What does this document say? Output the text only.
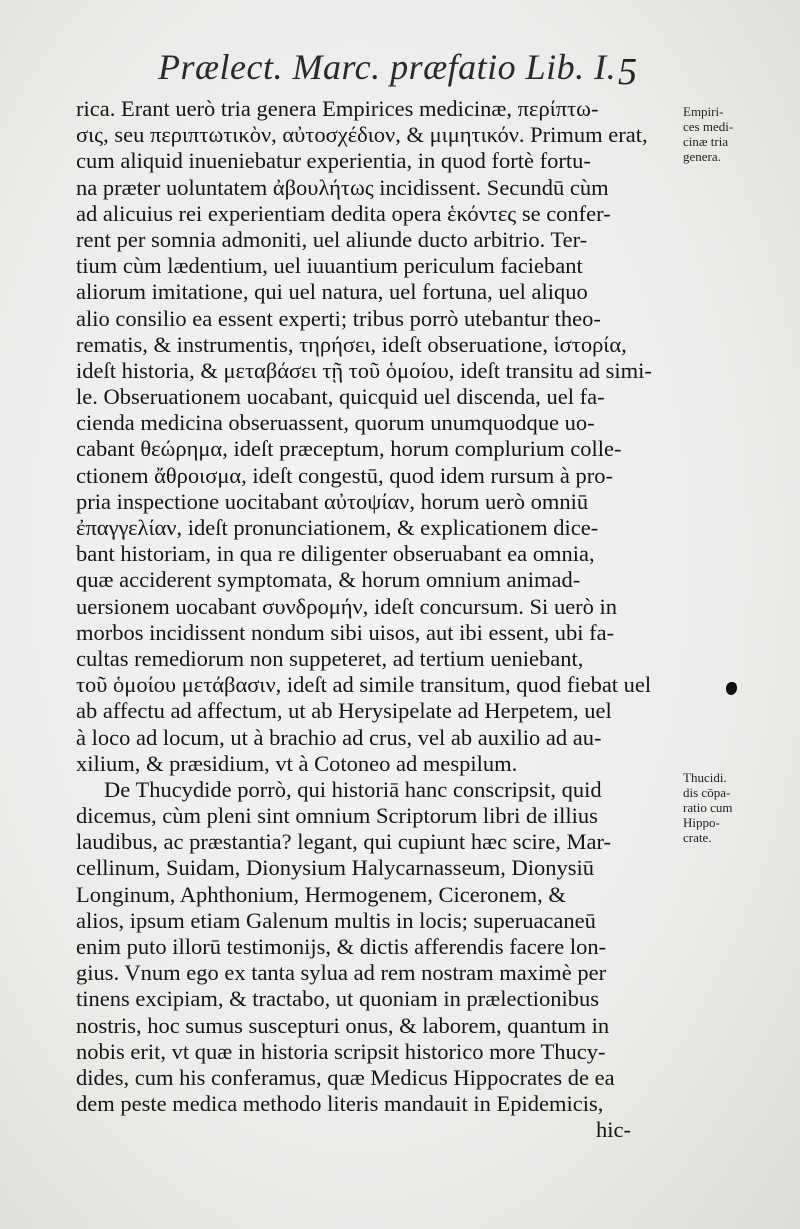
Prælect. Marc. præfatio Lib. I. 5
rica. Erant uerò tria genera Empirices medicinæ, περίπτω-
σις, seu περιπτωτικὸν, αὐτοσχέδιον, & μιμητικόν. Primum erat,
cum aliquid inueniebatur experientia, in quod fortè fortu-
na præter uoluntatem ἀβουλήτως incidissent. Secundū cùm
ad alicuius rei experientiam dedita opera ἑκόντες se confer-
rent per somnia admoniti, uel aliunde ducto arbitrio. Ter-
tium cùm lædentium, uel iuuantium periculum faciebant
aliorum imitatione, qui uel natura, uel fortuna, uel aliquo
alio consilio ea essent experti; tribus porrò utebantur theo-
rematis, & instrumentis, τηρήσει, ideſt obseruatione, ἱστορία,
ideſt historia, & μεταβάσει τῇ τοῦ ὁμοίου, ideſt transitu ad simi-
le. Obseruationem uocabant, quicquid uel discenda, uel fa-
cienda medicina obseruassent, quorum unumquodque uo-
cabant θεώρημα, ideſt præceptum, horum complurium colle-
ctionem ἄθροισμα, ideſt congestū, quod idem rursum à pro-
pria inspectione uocitabant αὐτοψίαν, horum uerò omniū
ἐπαγγελίαν, ideſt pronunciationem, & explicationem dice-
bant historiam, in qua re diligenter obseruabant ea omnia,
quæ acciderent symptomata, & horum omnium animad-
uersionem uocabant συνδρομήν, ideſt concursum. Si uerò in
morbos incidissent nondum sibi uisos, aut ibi essent, ubi fa-
cultas remediorum non suppeteret, ad tertium ueniebant,
τοῦ ὁμοίου μετάβασιν, ideſt ad simile transitum, quod fiebat uel
ab affectu ad affectum, ut ab Herysipelate ad Herpetem, uel
à loco ad locum, ut à brachio ad crus, vel ab auxilio ad au-
xilium, & præsidium, vt à Cotoneo ad mespilum.
De Thucydide porrò, qui historiā hanc conscripsit, quid
dicemus, cùm pleni sint omnium Scriptorum libri de illius
laudibus, ac præstantia? legant, qui cupiunt hæc scire, Mar-
cellinum, Suidam, Dionysium Halycarnasseum, Dionysiū
Longinum, Aphthonium, Hermogenem, Ciceronem, &
alios, ipsum etiam Galenum multis in locis; superuacaneū
enim puto illorū testimonijs, & dictis afferendis facere lon-
gius. Vnum ego ex tanta sylua ad rem nostram maximè per
tinens excipiam, & tractabo, ut quoniam in prælectionibus
nostris, hoc sumus suscepturi onus, & laborem, quantum in
nobis erit, vt quæ in historia scripsit historico more Thucy-
dides, cum his conferamus, quæ Medicus Hippocrates de ea
dem peste medica methodo literis mandauit in Epidemicis,
hic-
Empiri-
ces medi-
cinæ tria
genera.
Thucidi.
dis cōpa-
ratio cum
Hippo-
crate.
